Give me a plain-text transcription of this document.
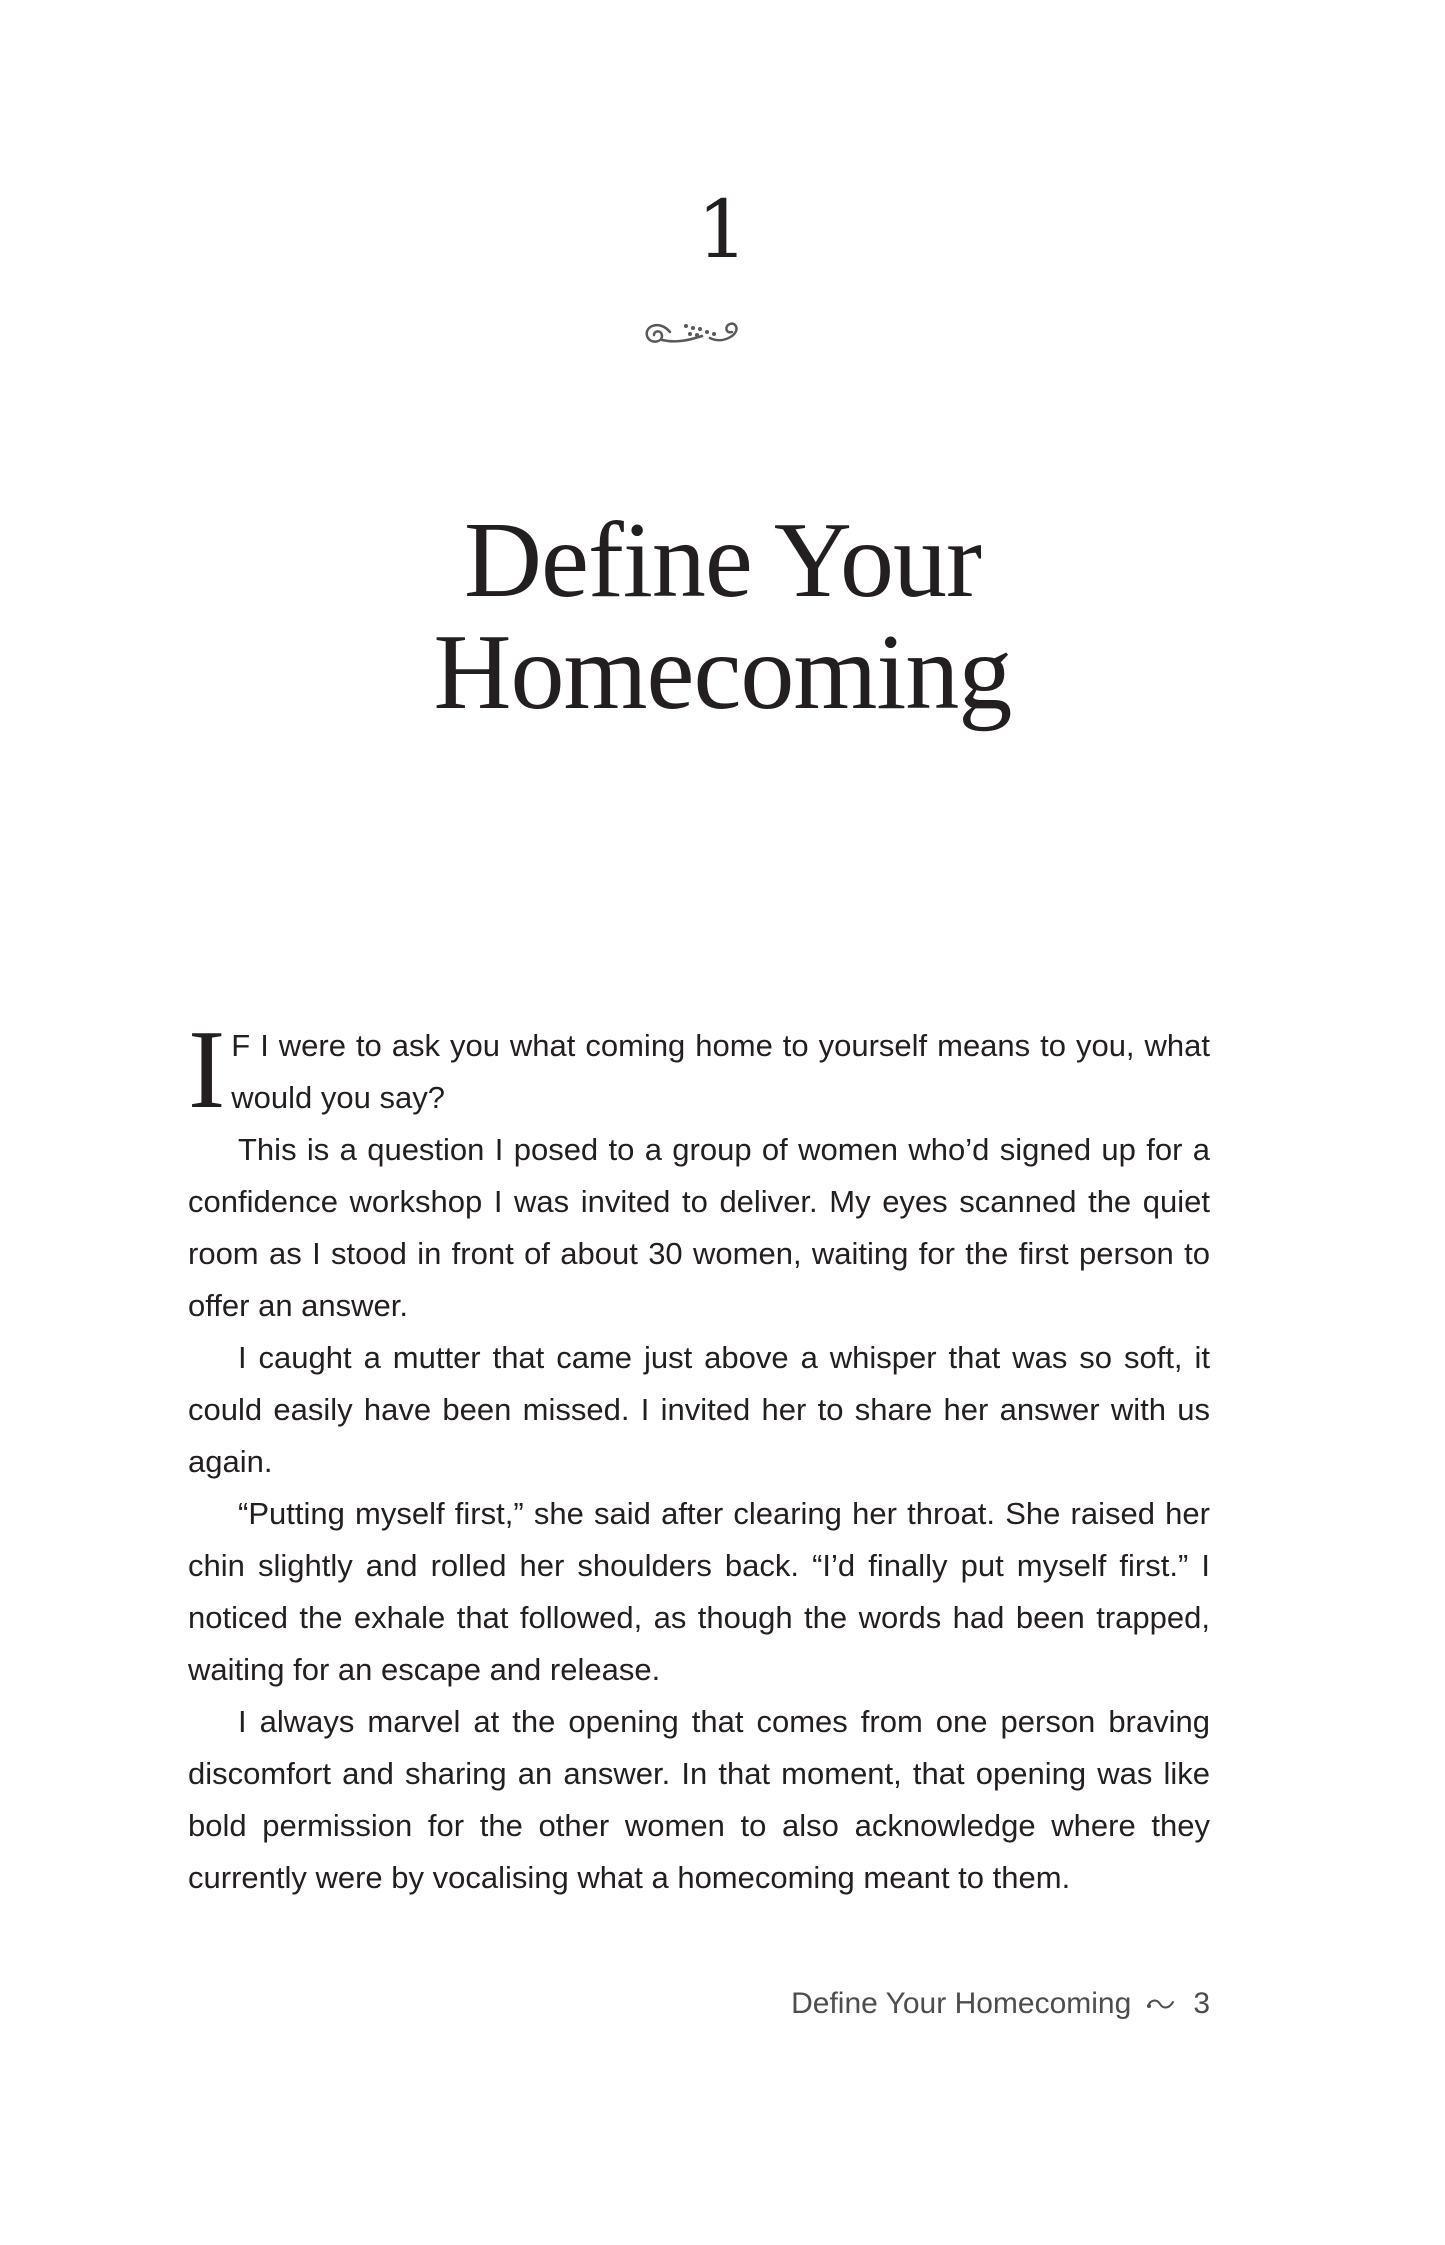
1
Define Your
Homecoming

I F I were to ask you what coming home to yourself means to you, what would you say?

This is a question I posed to a group of women who’d signed up for a confidence workshop I was invited to deliver. My eyes scanned the quiet room as I stood in front of about 30 women, waiting for the first person to offer an answer.

I caught a mutter that came just above a whisper that was so soft, it could easily have been missed. I invited her to share her answer with us again.

“Putting myself first,” she said after clearing her throat. She raised her chin slightly and rolled her shoulders back. “I’d finally put myself first.” I noticed the exhale that followed, as though the words had been trapped, waiting for an escape and release.

I always marvel at the opening that comes from one person braving discomfort and sharing an answer. In that moment, that opening was like bold permission for the other women to also acknowledge where they currently were by vocalising what a homecoming meant to them.

Define Your Homecoming 3
